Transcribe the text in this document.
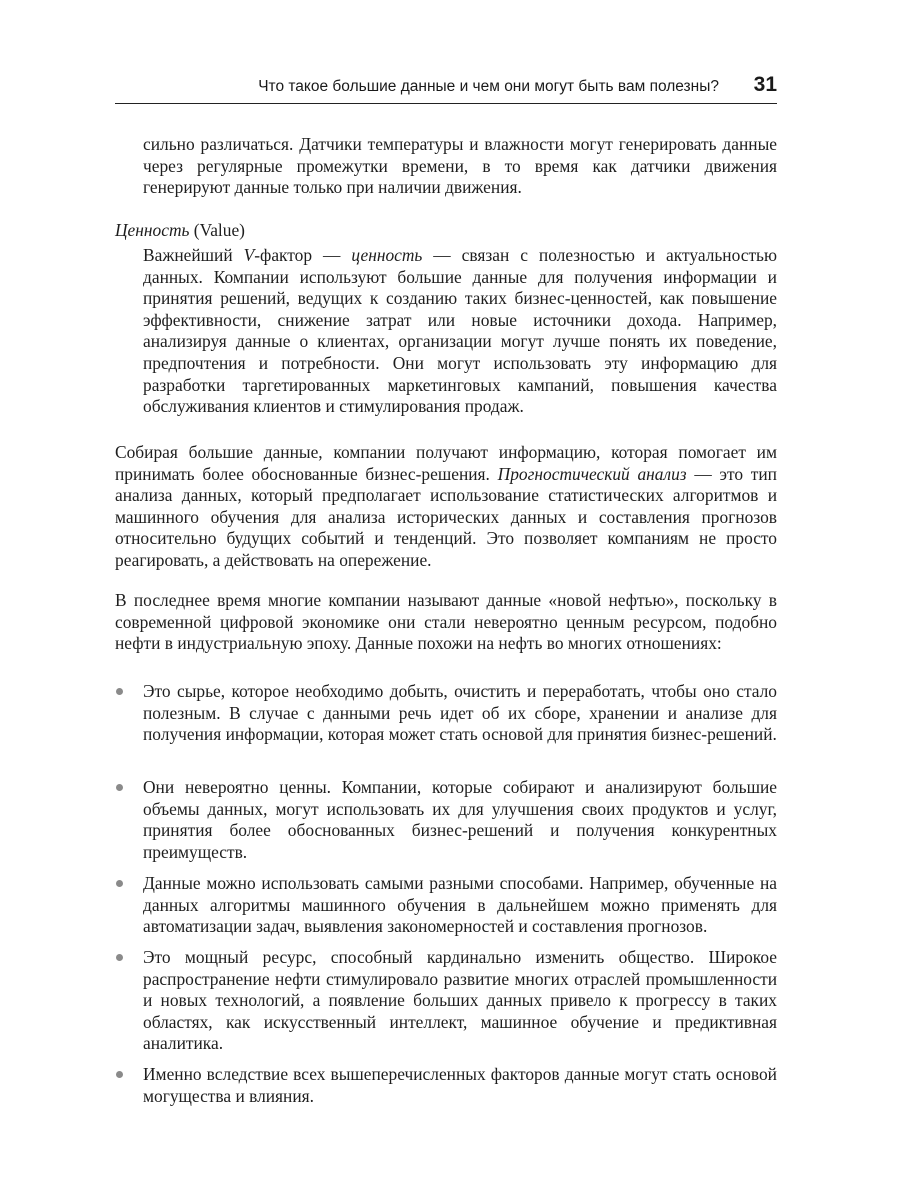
Что такое большие данные и чем они могут быть вам полезны? 31

сильно различаться. Датчики температуры и влажности могут генерировать данные через регулярные промежутки времени, в то время как датчики движения генерируют данные только при наличии движения.

Ценность (Value)

Важнейший V-фактор — ценность — связан с полезностью и актуальностью данных. Компании используют большие данные для получения информации и принятия решений, ведущих к созданию таких бизнес-ценностей, как повышение эффективности, снижение затрат или новые источники дохода. Например, анализируя данные о клиентах, организации могут лучше понять их поведение, предпочтения и потребности. Они могут использовать эту информацию для разработки таргетированных маркетинговых кампаний, повышения качества обслуживания клиентов и стимулирования продаж.

Собирая большие данные, компании получают информацию, которая помогает им принимать более обоснованные бизнес-решения. Прогностический анализ — это тип анализа данных, который предполагает использование статистических алгоритмов и машинного обучения для анализа исторических данных и составления прогнозов относительно будущих событий и тенденций. Это позволяет компаниям не просто реагировать, а действовать на опережение.

В последнее время многие компании называют данные «новой нефтью», поскольку в современной цифровой экономике они стали невероятно ценным ресурсом, подобно нефти в индустриальную эпоху. Данные похожи на нефть во многих отношениях:

Это сырье, которое необходимо добыть, очистить и переработать, чтобы оно стало полезным. В случае с данными речь идет об их сборе, хранении и анализе для получения информации, которая может стать основой для принятия бизнес-решений.

Они невероятно ценны. Компании, которые собирают и анализируют большие объемы данных, могут использовать их для улучшения своих продуктов и услуг, принятия более обоснованных бизнес-решений и получения конкурентных преимуществ.

Данные можно использовать самыми разными способами. Например, обученные на данных алгоритмы машинного обучения в дальнейшем можно применять для автоматизации задач, выявления закономерностей и составления прогнозов.

Это мощный ресурс, способный кардинально изменить общество. Широкое распространение нефти стимулировало развитие многих отраслей промышленности и новых технологий, а появление больших данных привело к прогрессу в таких областях, как искусственный интеллект, машинное обучение и предиктивная аналитика.

Именно вследствие всех вышеперечисленных факторов данные могут стать основой могущества и влияния.
